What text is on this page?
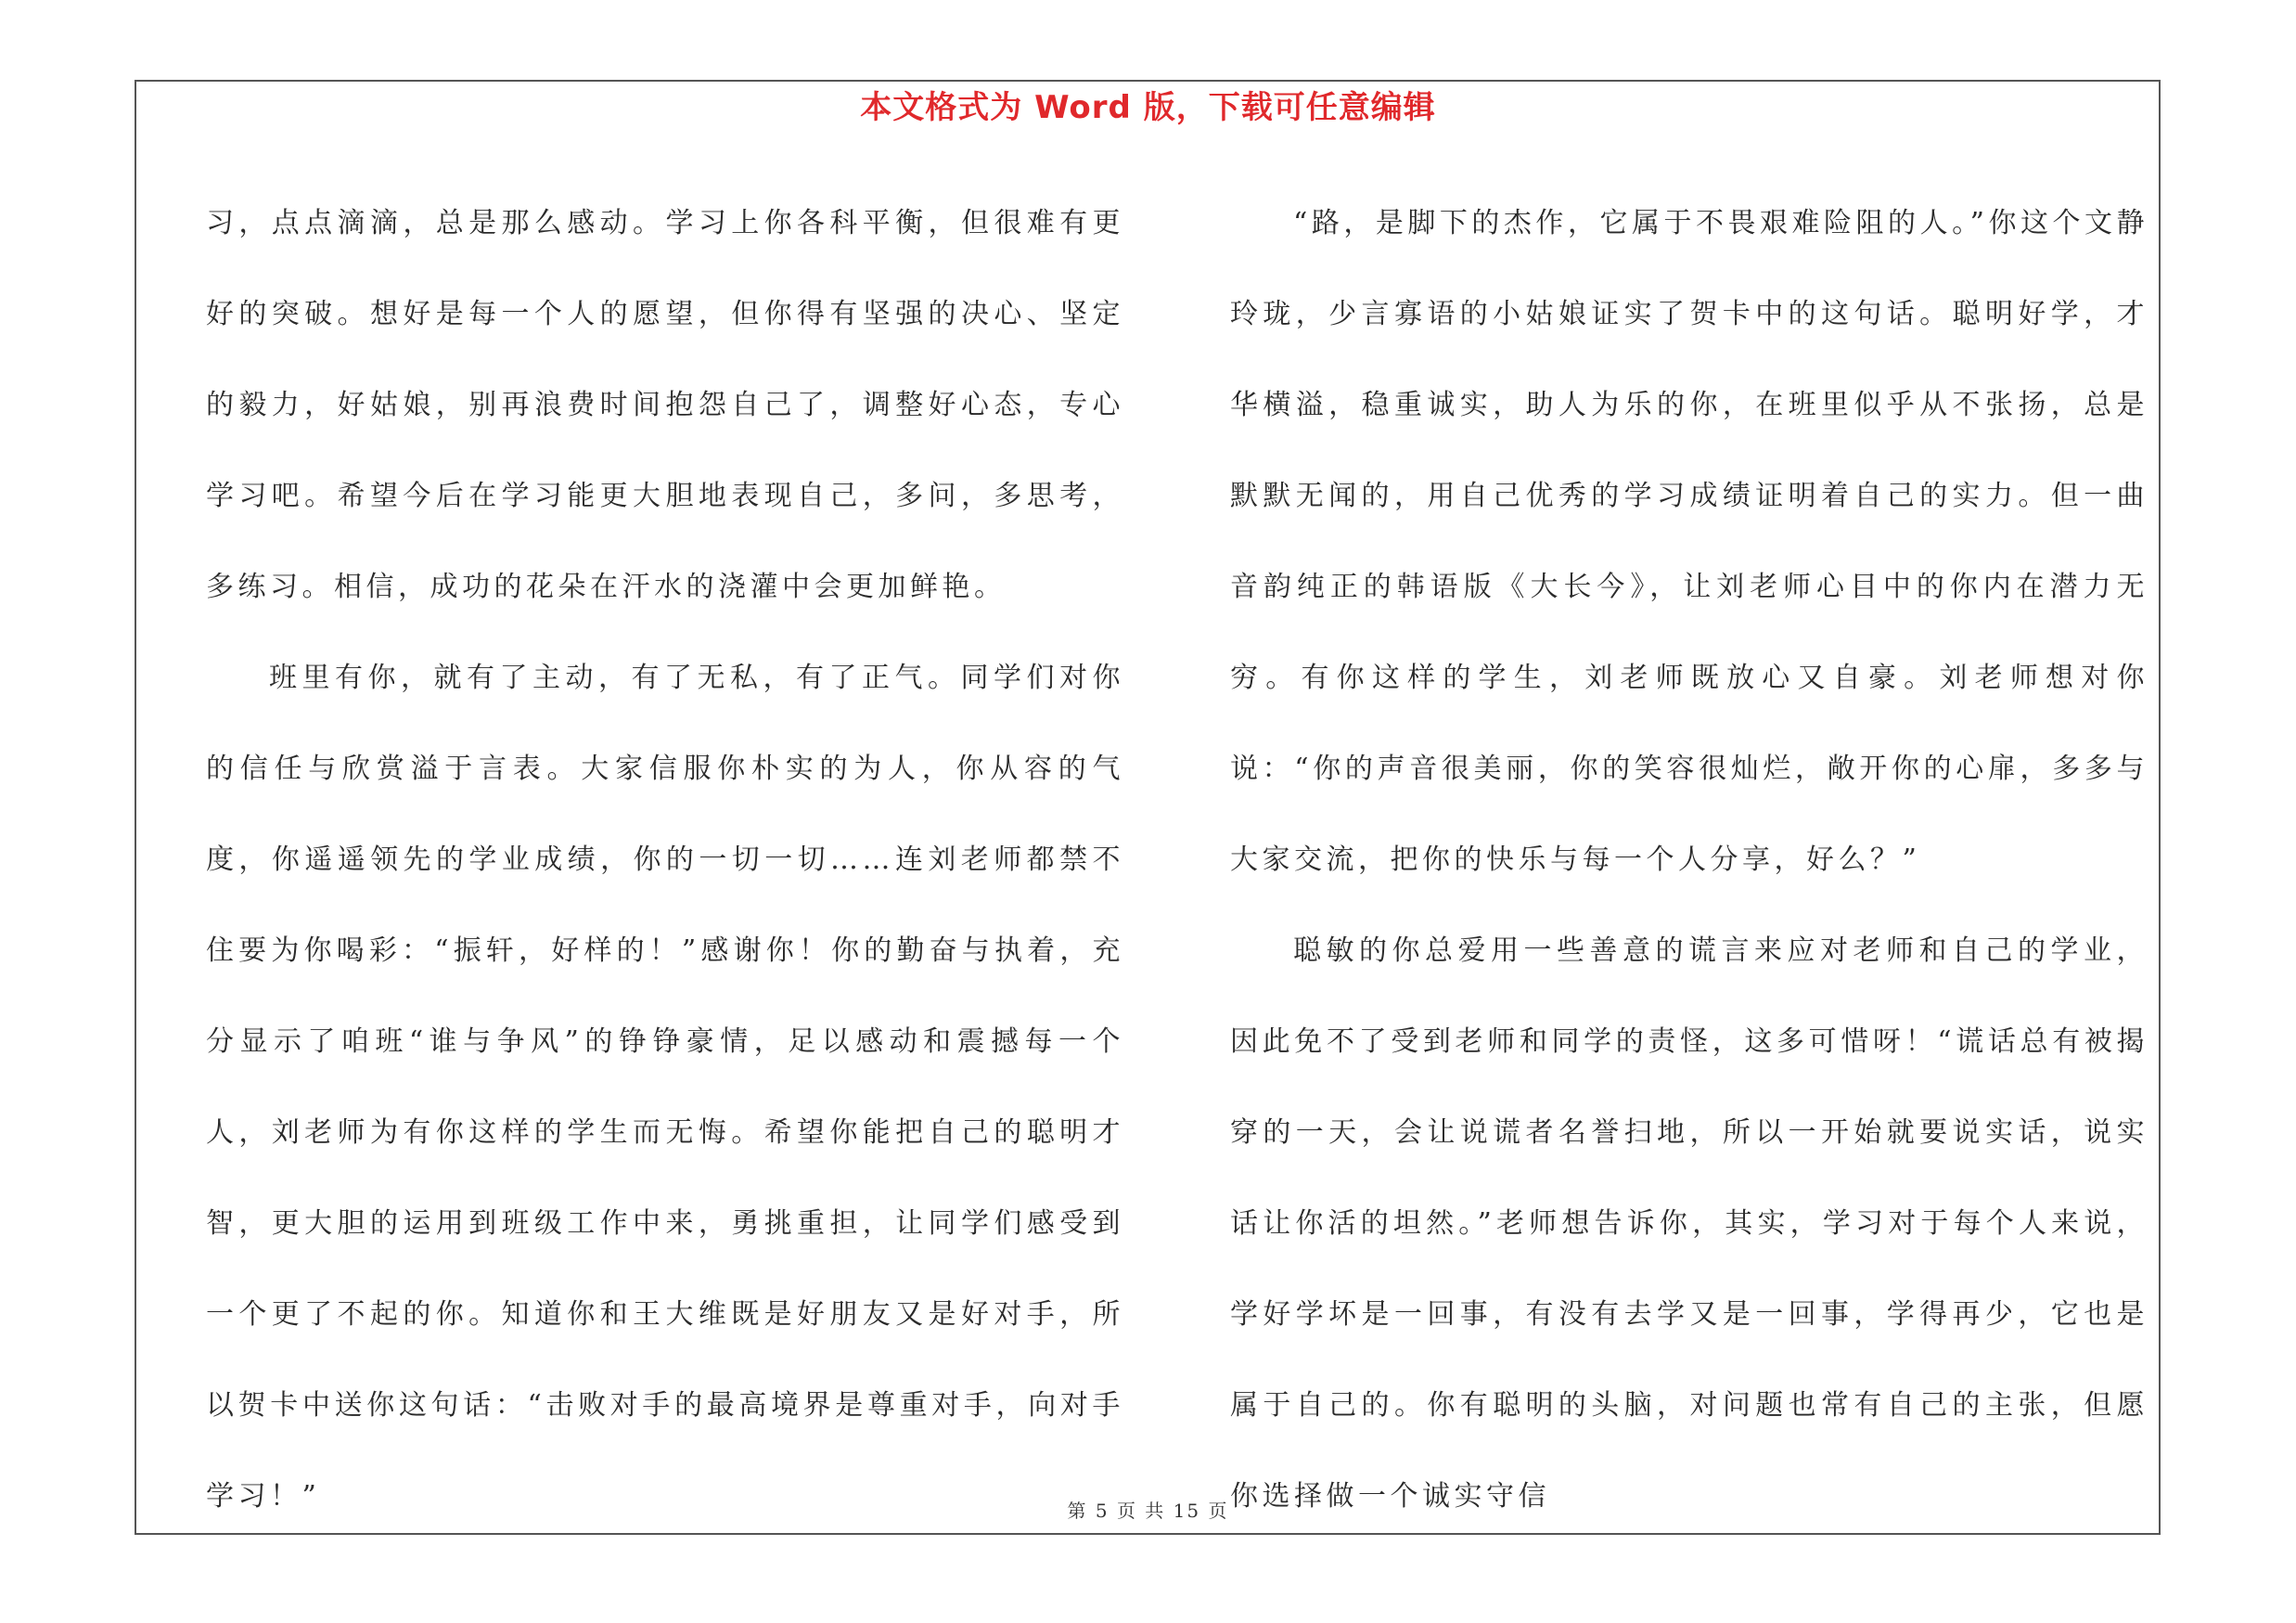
本文格式为 Word 版，下载可任意编辑

习，点点滴滴，总是那么感动。学习上你各科平衡，但很难有更好的突破。想好是每一个人的愿望，但你得有坚强的决心、坚定的毅力，好姑娘，别再浪费时间抱怨自己了，调整好心态，专心学习吧。希望今后在学习能更大胆地表现自己，多问，多思考，多练习。相信，成功的花朵在汗水的浇灌中会更加鲜艳。

班里有你，就有了主动，有了无私，有了正气。同学们对你的信任与欣赏溢于言表。大家信服你朴实的为人，你从容的气度，你遥遥领先的学业成绩，你的一切一切……连刘老师都禁不住要为你喝彩：“振轩，好样的！”感谢你！你的勤奋与执着，充分显示了咱班“谁与争风”的铮铮豪情，足以感动和震撼每一个人，刘老师为有你这样的学生而无悔。希望你能把自己的聪明才智，更大胆的运用到班级工作中来，勇挑重担，让同学们感受到一个更了不起的你。知道你和王大维既是好朋友又是好对手，所以贺卡中送你这句话：“击败对手的最高境界是尊重对手，向对手学习！”

“路，是脚下的杰作，它属于不畏艰难险阻的人。”你这个文静玲珑，少言寡语的小姑娘证实了贺卡中的这句话。聪明好学，才华横溢，稳重诚实，助人为乐的你，在班里似乎从不张扬，总是默默无闻的，用自己优秀的学习成绩证明着自己的实力。但一曲音韵纯正的韩语版《大长今》，让刘老师心目中的你内在潜力无穷。有你这样的学生，刘老师既放心又自豪。刘老师想对你说：“你的声音很美丽，你的笑容很灿烂，敞开你的心扉，多多与大家交流，把你的快乐与每一个人分享，好么？”

聪敏的你总爱用一些善意的谎言来应对老师和自己的学业，因此免不了受到老师和同学的责怪，这多可惜呀！“谎话总有被揭穿的一天，会让说谎者名誉扫地，所以一开始就要说实话，说实话让你活的坦然。”老师想告诉你，其实，学习对于每个人来说，学好学坏是一回事，有没有去学又是一回事，学得再少，它也是属于自己的。你有聪明的头脑，对问题也常有自己的主张，但愿你选择做一个诚实守信

第 5 页 共 15 页
